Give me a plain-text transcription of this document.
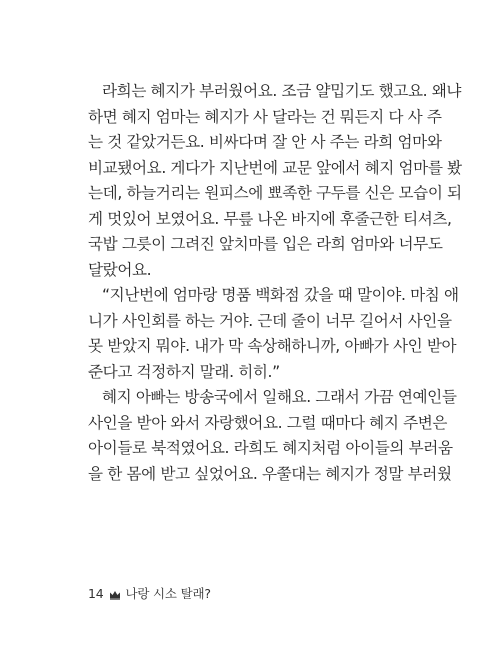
라희는 혜지가 부러웠어요. 조금 얄밉기도 했고요. 왜냐
하면 혜지 엄마는 혜지가 사 달라는 건 뭐든지 다 사 주
는 것 같았거든요. 비싸다며 잘 안 사 주는 라희 엄마와
비교됐어요. 게다가 지난번에 교문 앞에서 혜지 엄마를 봤
는데, 하늘거리는 원피스에 뾰족한 구두를 신은 모습이 되
게 멋있어 보였어요. 무릎 나온 바지에 후줄근한 티셔츠,
국밥 그릇이 그려진 앞치마를 입은 라희 엄마와 너무도
달랐어요.

“지난번에 엄마랑 명품 백화점 갔을 때 말이야. 마침 애
니가 사인회를 하는 거야. 근데 줄이 너무 길어서 사인을
못 받았지 뭐야. 내가 막 속상해하니까, 아빠가 사인 받아
준다고 걱정하지 말래. 히히.”

혜지 아빠는 방송국에서 일해요. 그래서 가끔 연예인들
사인을 받아 와서 자랑했어요. 그럴 때마다 혜지 주변은
아이들로 북적였어요. 라희도 혜지처럼 아이들의 부러움
을 한 몸에 받고 싶었어요. 우쭐대는 혜지가 정말 부러웠

14 나랑 시소 탈래?
